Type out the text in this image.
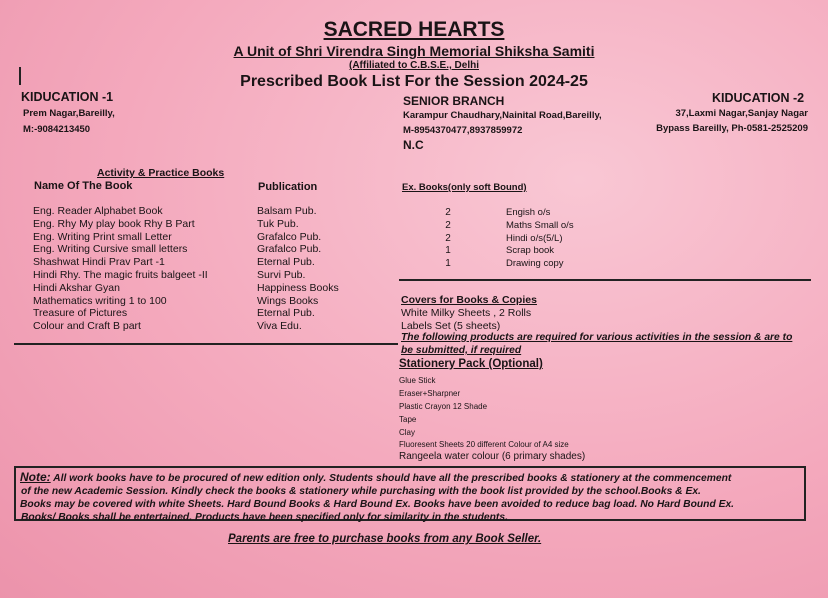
SACRED HEARTS
A Unit of Shri Virendra Singh Memorial Shiksha Samiti
(Affiliated to C.B.S.E., Delhi
Prescribed Book List For the Session 2024-25
KIDUCATION -1
Prem Nagar,Bareilly,
M:-9084213450
SENIOR BRANCH
Karampur Chaudhary,Nainital Road,Bareilly,
M-8954370477,8937859972
N.C
KIDUCATION -2
37,Laxmi Nagar,Sanjay Nagar
Bypass Bareilly, Ph-0581-2525209
Activity & Practice Books
Name Of The Book	Publication
Eng. Reader Alphabet Book
Eng. Rhy My play book Rhy B Part
Eng. Writing Print small Letter
Eng. Writing Cursive small letters
Shashwat Hindi Prav Part -1
Hindi Rhy. The magic fruits balgeet -II
Hindi Akshar Gyan
Mathematics writing 1 to 100
Treasure of Pictures
Colour and Craft B part
Balsam Pub.
Tuk Pub.
Grafalco Pub.
Grafalco Pub.
Eternal Pub.
Survi Pub.
Happiness Books
Wings Books
Eternal Pub.
Viva Edu.
Ex. Books(only soft Bound)
2
2
2
1
1
Engish o/s
Maths Small o/s
Hindi o/s(5/L)
Scrap book
Drawing copy
Covers for Books & Copies
White Milky Sheets , 2 Rolls
Labels Set (5 sheets)
The following products are required for various activities in the session & are to
be submitted, if required
Stationery Pack (Optional)
Glue Stick
Eraser+Sharpner
Plastic Crayon 12 Shade
Tape
Clay
Fluoresent Sheets 20 different Colour of A4 size
Rangeela water colour (6 primary shades)
Note: All work books have to be procured of new edition only. Students should have all the prescribed books & stationery at the commencement
of the new Academic Session. Kindly check the books & stationery while purchasing with the book list provided by the school.Books & Ex.
Books may be covered with white Sheets. Hard Bound Books & Hard Bound Ex. Books have been avoided to reduce bag load. No Hard Bound Ex.
Books/ Books shall be entertained. Products have been specified only for similarity in the students.
Parents are free to purchase books from any Book Seller.
